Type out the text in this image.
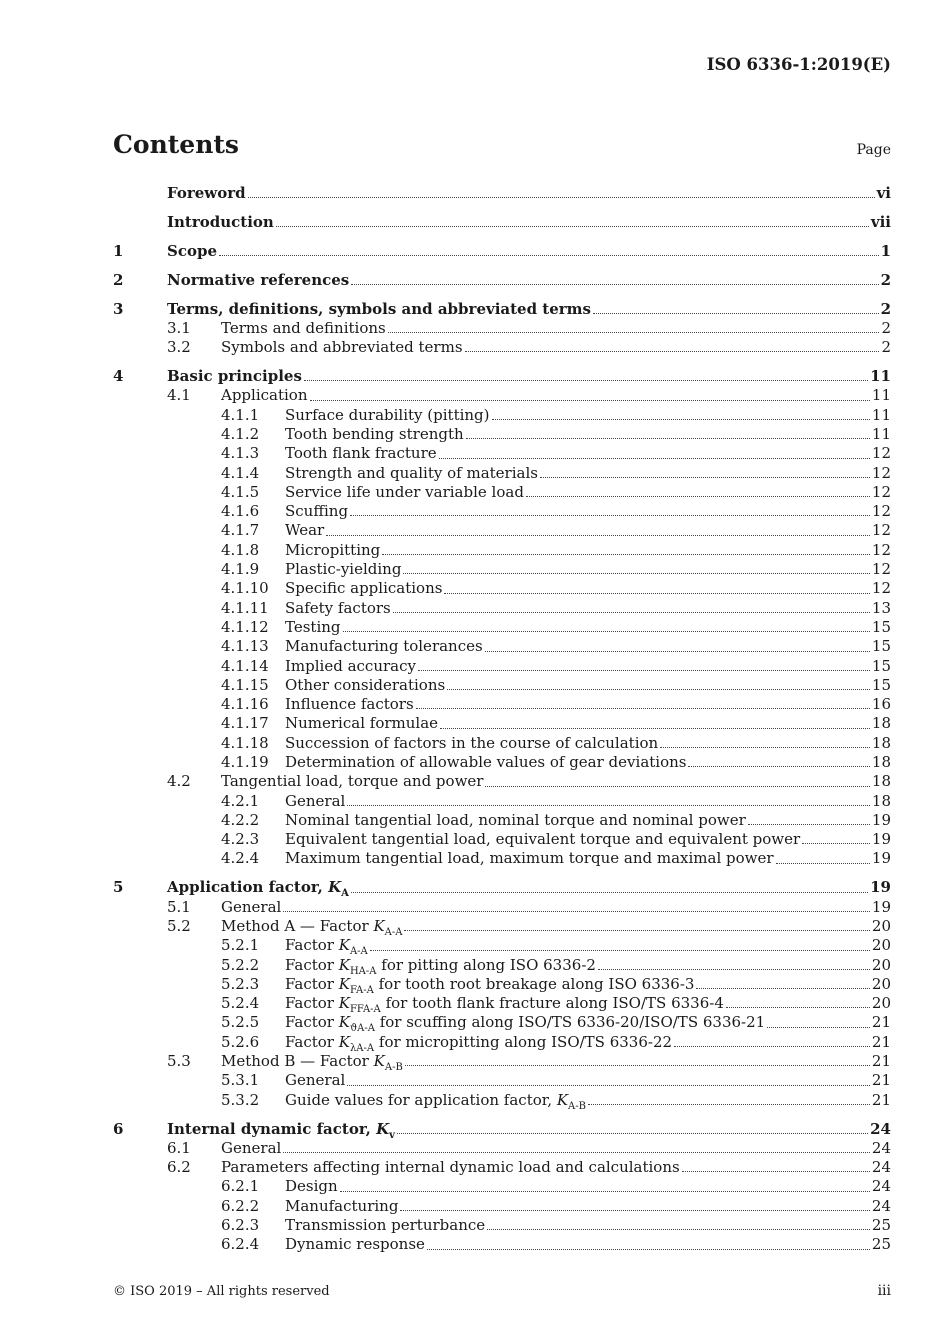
ISO 6336-1:2019(E)
Contents	Page
Foreword	vi
Introduction	vii
1	Scope	1
2	Normative references	2
3	Terms, definitions, symbols and abbreviated terms	2
3.1	Terms and definitions	2
3.2	Symbols and abbreviated terms	2
4	Basic principles	11
4.1	Application	11
4.1.1	Surface durability (pitting)	11
4.1.2	Tooth bending strength	11
4.1.3	Tooth flank fracture	12
4.1.4	Strength and quality of materials	12
4.1.5	Service life under variable load	12
4.1.6	Scuffing	12
4.1.7	Wear	12
4.1.8	Micropitting	12
4.1.9	Plastic-yielding	12
4.1.10	Specific applications	12
4.1.11	Safety factors	13
4.1.12	Testing	15
4.1.13	Manufacturing tolerances	15
4.1.14	Implied accuracy	15
4.1.15	Other considerations	15
4.1.16	Influence factors	16
4.1.17	Numerical formulae	18
4.1.18	Succession of factors in the course of calculation	18
4.1.19	Determination of allowable values of gear deviations	18
4.2	Tangential load, torque and power	18
4.2.1	General	18
4.2.2	Nominal tangential load, nominal torque and nominal power	19
4.2.3	Equivalent tangential load, equivalent torque and equivalent power	19
4.2.4	Maximum tangential load, maximum torque and maximal power	19
5	Application factor, $K_A$	19
5.1	General	19
5.2	Method A — Factor $K_{A-A}$	20
5.2.1	Factor $K_{A-A}$	20
5.2.2	Factor $K_{HA-A}$ for pitting along ISO 6336-2	20
5.2.3	Factor $K_{FA-A}$ for tooth root breakage along ISO 6336-3	20
5.2.4	Factor $K_{FFA-A}$ for tooth flank fracture along ISO/TS 6336-4	20
5.2.5	Factor $K_{ϑA-A}$ for scuffing along ISO/TS 6336-20/ISO/TS 6336-21	21
5.2.6	Factor $K_{\lambda A-A}$ for micropitting along ISO/TS 6336-22	21
5.3	Method B — Factor $K_{A-B}$	21
5.3.1	General	21
5.3.2	Guide values for application factor, $K_{A-B}$	21
6	Internal dynamic factor, $K_v$	24
6.1	General	24
6.2	Parameters affecting internal dynamic load and calculations	24
6.2.1	Design	24
6.2.2	Manufacturing	24
6.2.3	Transmission perturbance	25
6.2.4	Dynamic response	25
© ISO 2019 – All rights reserved	iii
